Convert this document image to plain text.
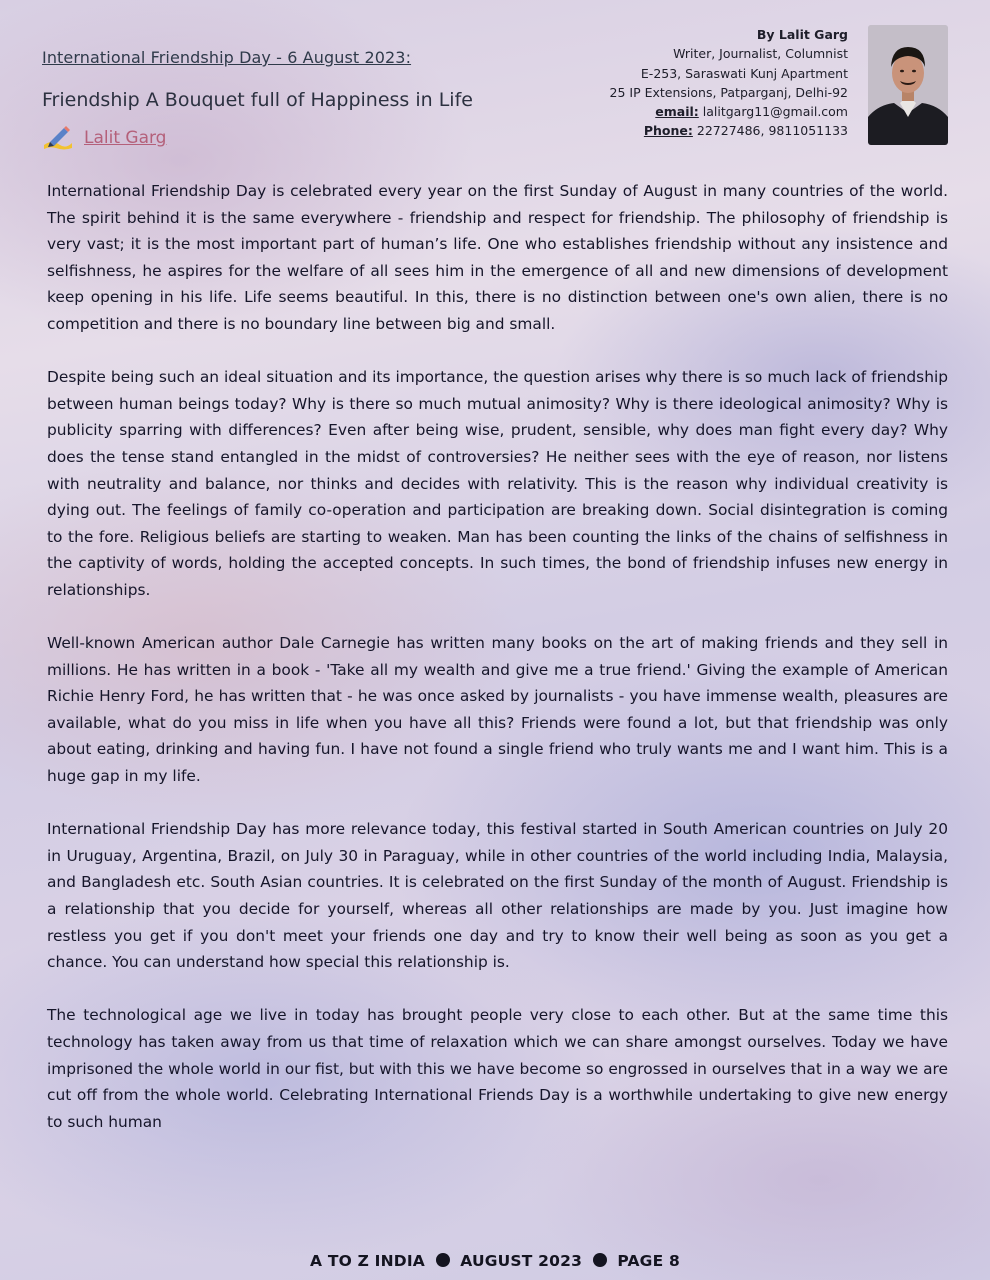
International Friendship Day - 6 August 2023:

Friendship A Bouquet full of Happiness in Life
Lalit Garg
By Lalit Garg
Writer, Journalist, Columnist
E-253, Saraswati Kunj Apartment
25 IP Extensions, Patparganj, Delhi-92
email: lalitgarg11@gmail.com
Phone: 22727486, 9811051133

International Friendship Day is celebrated every year on the first Sunday of August in many countries of the world. The spirit behind it is the same everywhere - friendship and respect for friendship. The philosophy of friendship is very vast; it is the most important part of human’s life. One who establishes friendship without any insistence and selfishness, he aspires for the welfare of all sees him in the emergence of all and new dimensions of development keep opening in his life. Life seems beautiful. In this, there is no distinction between one's own alien, there is no competition and there is no boundary line between big and small.

Despite being such an ideal situation and its importance, the question arises why there is so much lack of friendship between human beings today? Why is there so much mutual animosity? Why is there ideological animosity? Why is publicity sparring with differences? Even after being wise, prudent, sensible, why does man fight every day? Why does the tense stand entangled in the midst of controversies? He neither sees with the eye of reason, nor listens with neutrality and balance, nor thinks and decides with relativity. This is the reason why individual creativity is dying out. The feelings of family co-operation and participation are breaking down. Social disintegration is coming to the fore. Religious beliefs are starting to weaken. Man has been counting the links of the chains of selfishness in the captivity of words, holding the accepted concepts. In such times, the bond of friendship infuses new energy in relationships.

Well-known American author Dale Carnegie has written many books on the art of making friends and they sell in millions. He has written in a book - 'Take all my wealth and give me a true friend.' Giving the example of American Richie Henry Ford, he has written that - he was once asked by journalists - you have immense wealth, pleasures are available, what do you miss in life when you have all this? Friends were found a lot, but that friendship was only about eating, drinking and having fun. I have not found a single friend who truly wants me and I want him. This is a huge gap in my life.

International Friendship Day has more relevance today, this festival started in South American countries on July 20 in Uruguay, Argentina, Brazil, on July 30 in Paraguay, while in other countries of the world including India, Malaysia, and Bangladesh etc. South Asian countries. It is celebrated on the first Sunday of the month of August. Friendship is a relationship that you decide for yourself, whereas all other relationships are made by you. Just imagine how restless you get if you don't meet your friends one day and try to know their well being as soon as you get a chance. You can understand how special this relationship is.

The technological age we live in today has brought people very close to each other. But at the same time this technology has taken away from us that time of relaxation which we can share amongst ourselves. Today we have imprisoned the whole world in our fist, but with this we have become so engrossed in ourselves that in a way we are cut off from the whole world. Celebrating International Friends Day is a worthwhile undertaking to give new energy to such human

A TO Z INDIA AUGUST 2023 PAGE 8
